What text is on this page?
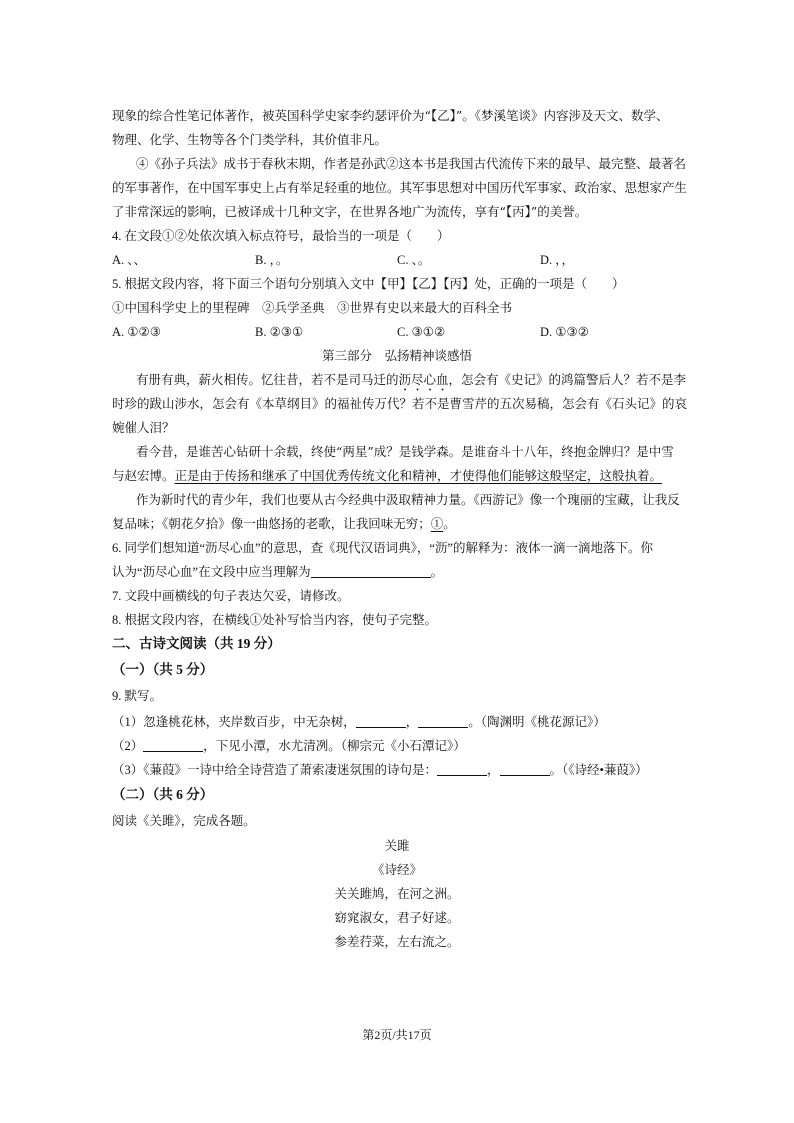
现象的综合性笔记体著作，被英国科学史家李约瑟评价为“【乙】”。《梦溪笔谈》内容涉及天文、数学、
物理、化学、生物等各个门类学科，其价值非凡。
④《孙子兵法》成书于春秋末期，作者是孙武②这本书是我国古代流传下来的最早、最完整、最著名
的军事著作，在中国军事史上占有举足轻重的地位。其军事思想对中国历代军事家、政治家、思想家产生
了非常深远的影响，已被译成十几种文字，在世界各地广为流传，享有“【丙】”的美誉。
4. 在文段①②处依次填入标点符号，最恰当的一项是（　　）
A. 、、	B. ，。	C. 、。	D. ，，
5. 根据文段内容，将下面三个语句分别填入文中【甲】【乙】【丙】处，正确的一项是（　　）
①中国科学史上的里程碑　②兵学圣典　③世界有史以来最大的百科全书
A. ①②③	B. ②③①	C. ③①②	D. ①③②
第三部分　弘扬精神谈感悟
有册有典，薪火相传。忆往昔，若不是司马迁的沥尽心血，怎会有《史记》的鸿篇警后人？若不是李
时珍的跋山涉水，怎会有《本草纲目》的福祉传万代？若不是曹雪芹的五次易稿，怎会有《石头记》的哀
婉催人泪？
看今昔，是谁苦心钻研十余载，终使“两星”成？是钱学森。是谁奋斗十八年，终抱金牌归？是中雪
与赵宏博。正是由于传扬和继承了中国优秀传统文化和精神，才使得他们能够这般坚定，这般执着。
作为新时代的青少年，我们也要从古今经典中汲取精神力量。《西游记》像一个瑰丽的宝藏，让我反
复品味；《朝花夕拾》像一曲悠扬的老歌，让我回味无穷；①。
6. 同学们想知道“沥尽心血”的意思，查《现代汉语词典》，“沥”的解释为：液体一滴一滴地落下。你
认为“沥尽心血”在文段中应当理解为	。
7. 文段中画横线的句子表达欠妥，请修改。
8. 根据文段内容，在横线①处补写恰当内容，使句子完整。
二、古诗文阅读（共 19 分）
（一）（共 5 分）
9. 默写。
（1）忽逢桃花林，夹岸数百步，中无杂树，	，	。（陶渊明《桃花源记》）
（2）	，下见小潭，水尤清冽。（柳宗元《小石潭记》）
（3）《蒹葭》一诗中给全诗营造了萧索凄迷氛围的诗句是：	，	。（《诗经•蒹葭》）
（二）（共 6 分）
阅读《关雎》，完成各题。
关雎
《诗经》
关关雎鸠，在河之洲。
窈窕淑女，君子好逑。
参差荇菜，左右流之。
第2页/共17页
